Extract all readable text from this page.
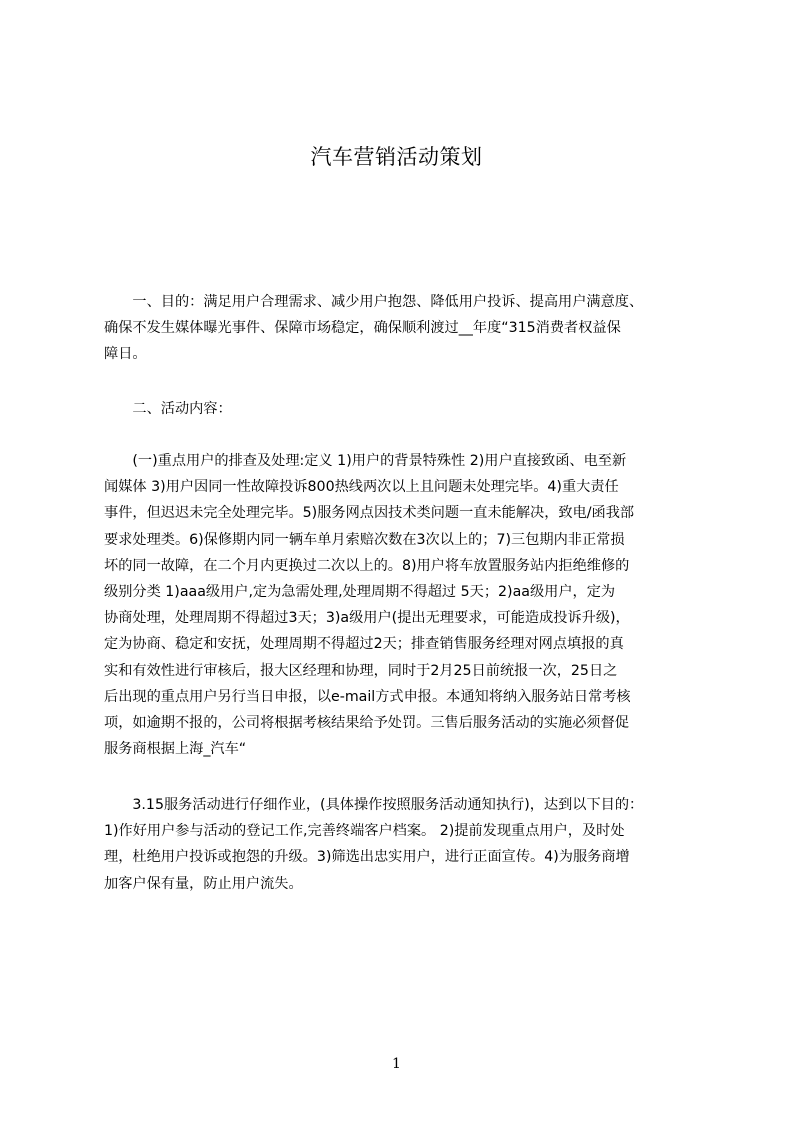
汽车营销活动策划
　　一、目的：满足用户合理需求、减少用户抱怨、降低用户投诉、提高用户满意度、
确保不发生媒体曝光事件、保障市场稳定，确保顺利渡过__年度“315消费者权益保
障日。
　　二、活动内容：
　　(一)重点用户的排查及处理:定义 1)用户的背景特殊性 2)用户直接致函、电至新
闻媒体 3)用户因同一性故障投诉800热线两次以上且问题未处理完毕。4)重大责任
事件，但迟迟未完全处理完毕。5)服务网点因技术类问题一直未能解决，致电/函我部
要求处理类。6)保修期内同一辆车单月索赔次数在3次以上的；7)三包期内非正常损
坏的同一故障，在二个月内更换过二次以上的。8)用户将车放置服务站内拒绝维修的
级别分类 1)aaa级用户,定为急需处理,处理周期不得超过 5天；2)aa级用户，定为
协商处理，处理周期不得超过3天；3)a级用户(提出无理要求，可能造成投诉升级)，
定为协商、稳定和安抚，处理周期不得超过2天；排查销售服务经理对网点填报的真
实和有效性进行审核后，报大区经理和协理，同时于2月25日前统报一次，25日之
后出现的重点用户另行当日申报，以e-mail方式申报。本通知将纳入服务站日常考核
项，如逾期不报的，公司将根据考核结果给予处罚。三售后服务活动的实施必须督促
服务商根据上海_汽车“
　　3.15服务活动进行仔细作业，(具体操作按照服务活动通知执行)，达到以下目的：
1)作好用户参与活动的登记工作,完善终端客户档案。 2)提前发现重点用户，及时处
理，杜绝用户投诉或抱怨的升级。3)筛选出忠实用户，进行正面宣传。4)为服务商增
加客户保有量，防止用户流失。
1
